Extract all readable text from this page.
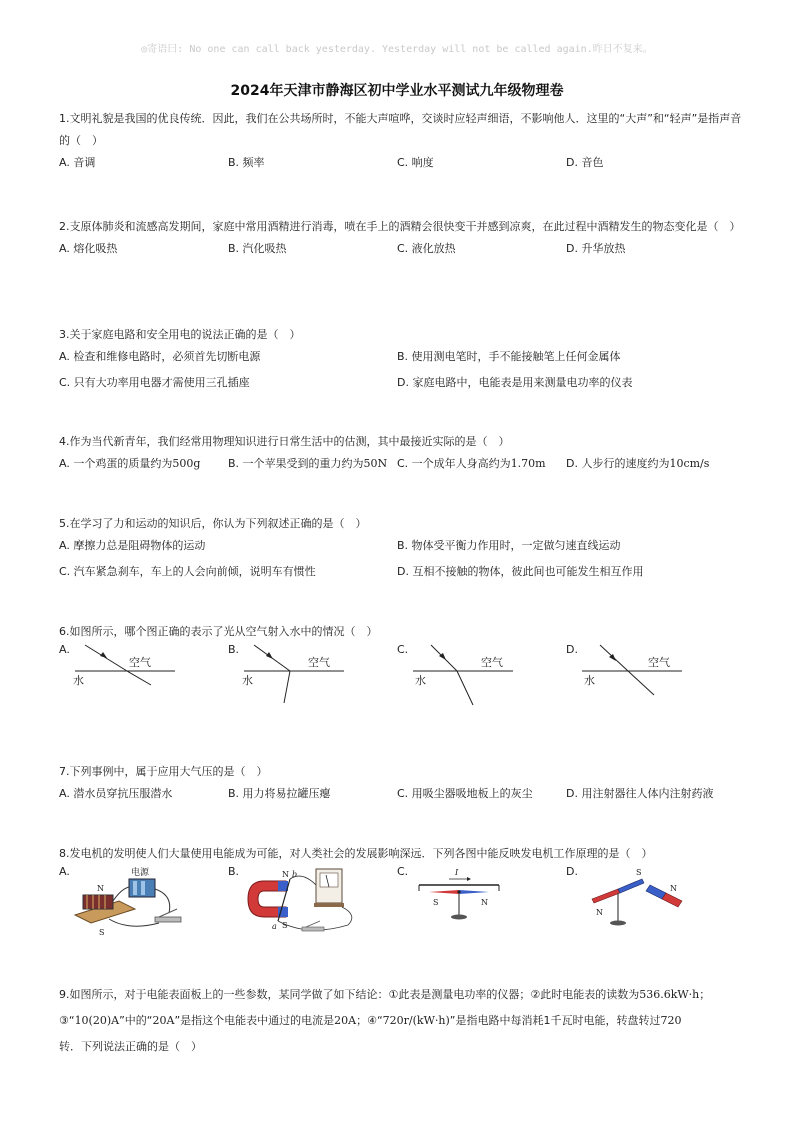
◎寄语曰: No one can call back yesterday. Yesterday will not be called again.昨日不复来。
2024年天津市静海区初中学业水平测试九年级物理卷

1.文明礼貌是我国的优良传统．因此，我们在公共场所时，不能大声喧哗，交谈时应轻声细语，不影响他人．这里的“大声”和“轻声”是指声音的（　）

A. 音调	B. 频率	C. 响度	D. 音色

2.支原体肺炎和流感高发期间，家庭中常用酒精进行消毒，喷在手上的酒精会很快变干并感到凉爽，在此过程中酒精发生的物态变化是（　）

A. 熔化吸热	B. 汽化吸热	C. 液化放热	D. 升华放热

3.关于家庭电路和安全用电的说法正确的是（　）

A. 检查和维修电路时，必须首先切断电源	B. 使用测电笔时，手不能接触笔上任何金属体
C. 只有大功率用电器才需使用三孔插座	D. 家庭电路中，电能表是用来测量电功率的仪表

4.作为当代新青年，我们经常用物理知识进行日常生活中的估测，其中最接近实际的是（　）

A. 一个鸡蛋的质量约为500g	B. 一个苹果受到的重力约为50N C. 一个成年人身高约为1.70m D. 人步行的速度约为10cm/s

5.在学习了力和运动的知识后，你认为下列叙述正确的是（　）

A. 摩擦力总是阻碍物体的运动	B. 物体受平衡力作用时，一定做匀速直线运动
C. 汽车紧急刹车，车上的人会向前倾，说明车有惯性	D. 互相不接触的物体，彼此间也可能发生相互作用

6.如图所示，哪个图正确的表示了光从空气射入水中的情况（　）

A.
空气
水
B.
空气
水
C.
空气
水
D.
空气
水

7.下列事例中，属于应用大气压的是（　）

A. 潜水员穿抗压服潜水	B. 用力将易拉罐压瘪	C. 用吸尘器吸地板上的灰尘	D. 用注射器往人体内注射药液

8.发电机的发明使人们大量使用电能成为可能，对人类社会的发展影响深远．下列各图中能反映发电机工作原理的是（　）

A.	电源
N
S
B.	N
S
b
a
C.	I
S	N
D.
N
S
N

9.如图所示，对于电能表面板上的一些参数，某同学做了如下结论：①此表是测量电功率的仪器；②此时电能表的读数为536.6kW·h；

③“10(20)A”中的“20A”是指这个电能表中通过的电流是20A；④“720r/(kW·h)”是指电路中每消耗1千瓦时电能，转盘转过720

转．下列说法正确的是（　）
